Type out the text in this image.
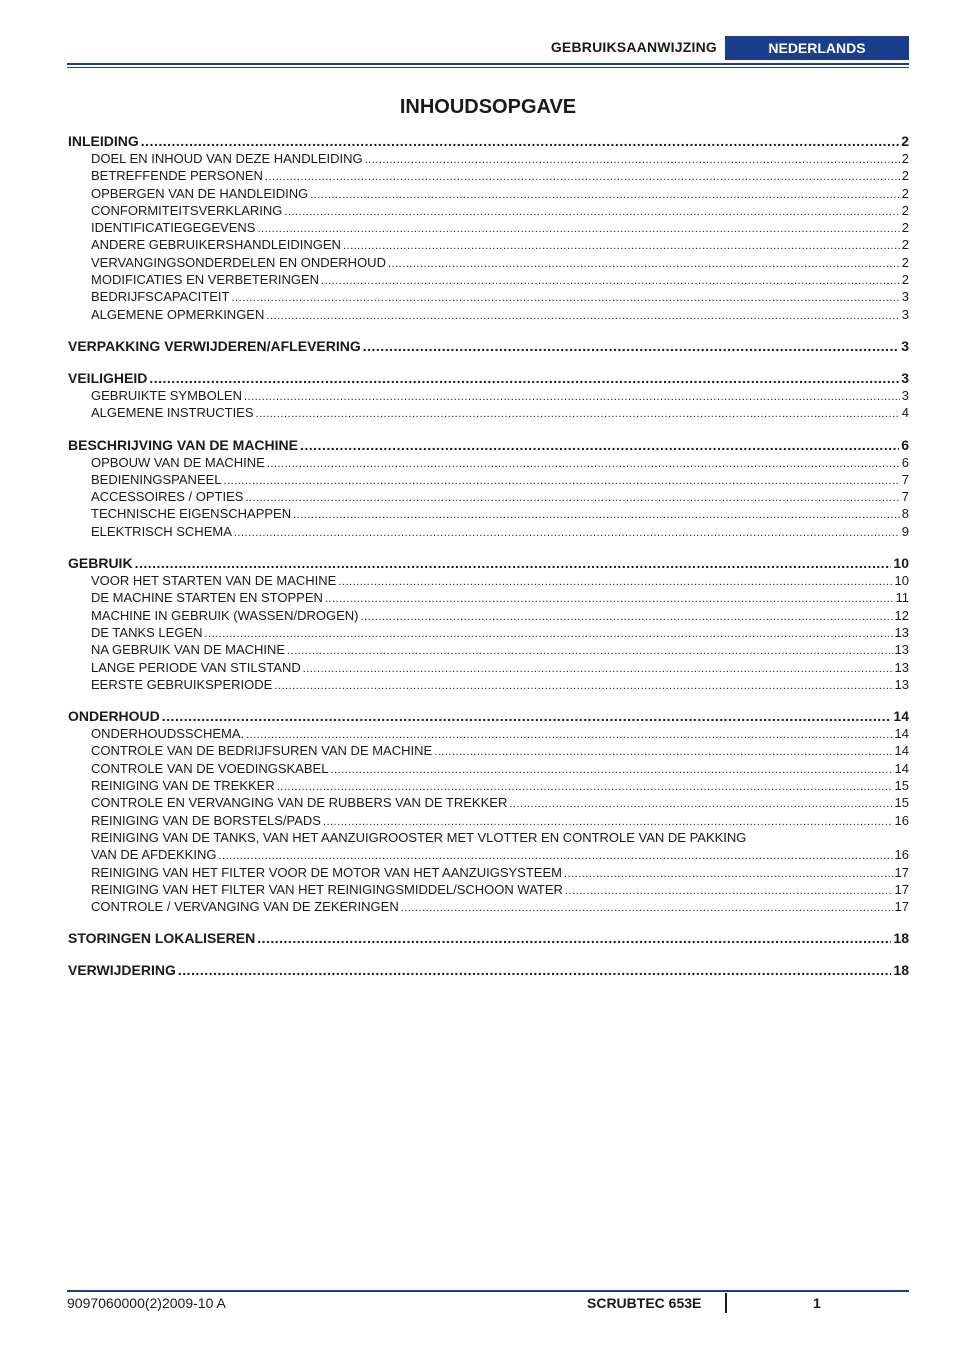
GEBRUIKSAANWIJZING	NEDERLANDS
INHOUDSOPGAVE
INLEIDING .....	2
DOEL EN INHOUD VAN DEZE HANDLEIDING .....	2
BETREFFENDE PERSONEN .....	2
OPBERGEN VAN DE HANDLEIDING .....	2
CONFORMITEITSVERKLARING .....	2
IDENTIFICATIEGEGEVENS .....	2
ANDERE GEBRUIKERSHANDLEIDINGEN .....	2
VERVANGINGSONDERDELEN EN ONDERHOUD .....	2
MODIFICATIES EN VERBETERINGEN .....	2
BEDRIJFSCAPACITEIT .....	3
ALGEMENE OPMERKINGEN .....	3
VERPAKKING VERWIJDEREN/AFLEVERING .....	3
VEILIGHEID .....	3
GEBRUIKTE SYMBOLEN .....	3
ALGEMENE INSTRUCTIES .....	4
BESCHRIJVING VAN DE MACHINE .....	6
OPBOUW VAN DE MACHINE .....	6
BEDIENINGSPANEEL .....	7
ACCESSOIRES / OPTIES .....	7
TECHNISCHE EIGENSCHAPPEN .....	8
ELEKTRISCH SCHEMA .....	9
GEBRUIK .....	10
VOOR HET STARTEN VAN DE MACHINE .....	10
DE MACHINE STARTEN EN STOPPEN .....	11
MACHINE IN GEBRUIK (WASSEN/DROGEN) .....	12
DE TANKS LEGEN .....	13
NA GEBRUIK VAN DE MACHINE .....	13
LANGE PERIODE VAN STILSTAND .....	13
EERSTE GEBRUIKSPERIODE .....	13
ONDERHOUD .....	14
ONDERHOUDSSCHEMA. .....	14
CONTROLE VAN DE BEDRIJFSUREN VAN DE MACHINE .....	14
CONTROLE VAN DE VOEDINGSKABEL .....	14
REINIGING VAN DE TREKKER .....	15
CONTROLE EN VERVANGING VAN DE RUBBERS VAN DE TREKKER .....	15
REINIGING VAN DE BORSTELS/PADS .....	16
REINIGING VAN DE TANKS, VAN HET AANZUIGROOSTER MET VLOTTER EN CONTROLE VAN DE PAKKING
VAN DE AFDEKKING .....	16
REINIGING VAN HET FILTER VOOR DE MOTOR VAN HET AANZUIGSYSTEEM .....	17
REINIGING VAN HET FILTER VAN HET REINIGINGSMIDDEL/SCHOON WATER .....	17
CONTROLE / VERVANGING VAN DE ZEKERINGEN .....	17
STORINGEN LOKALISEREN .....	18
VERWIJDERING .....	18
9097060000(2)2009-10 A	SCRUBTEC 653E	1
